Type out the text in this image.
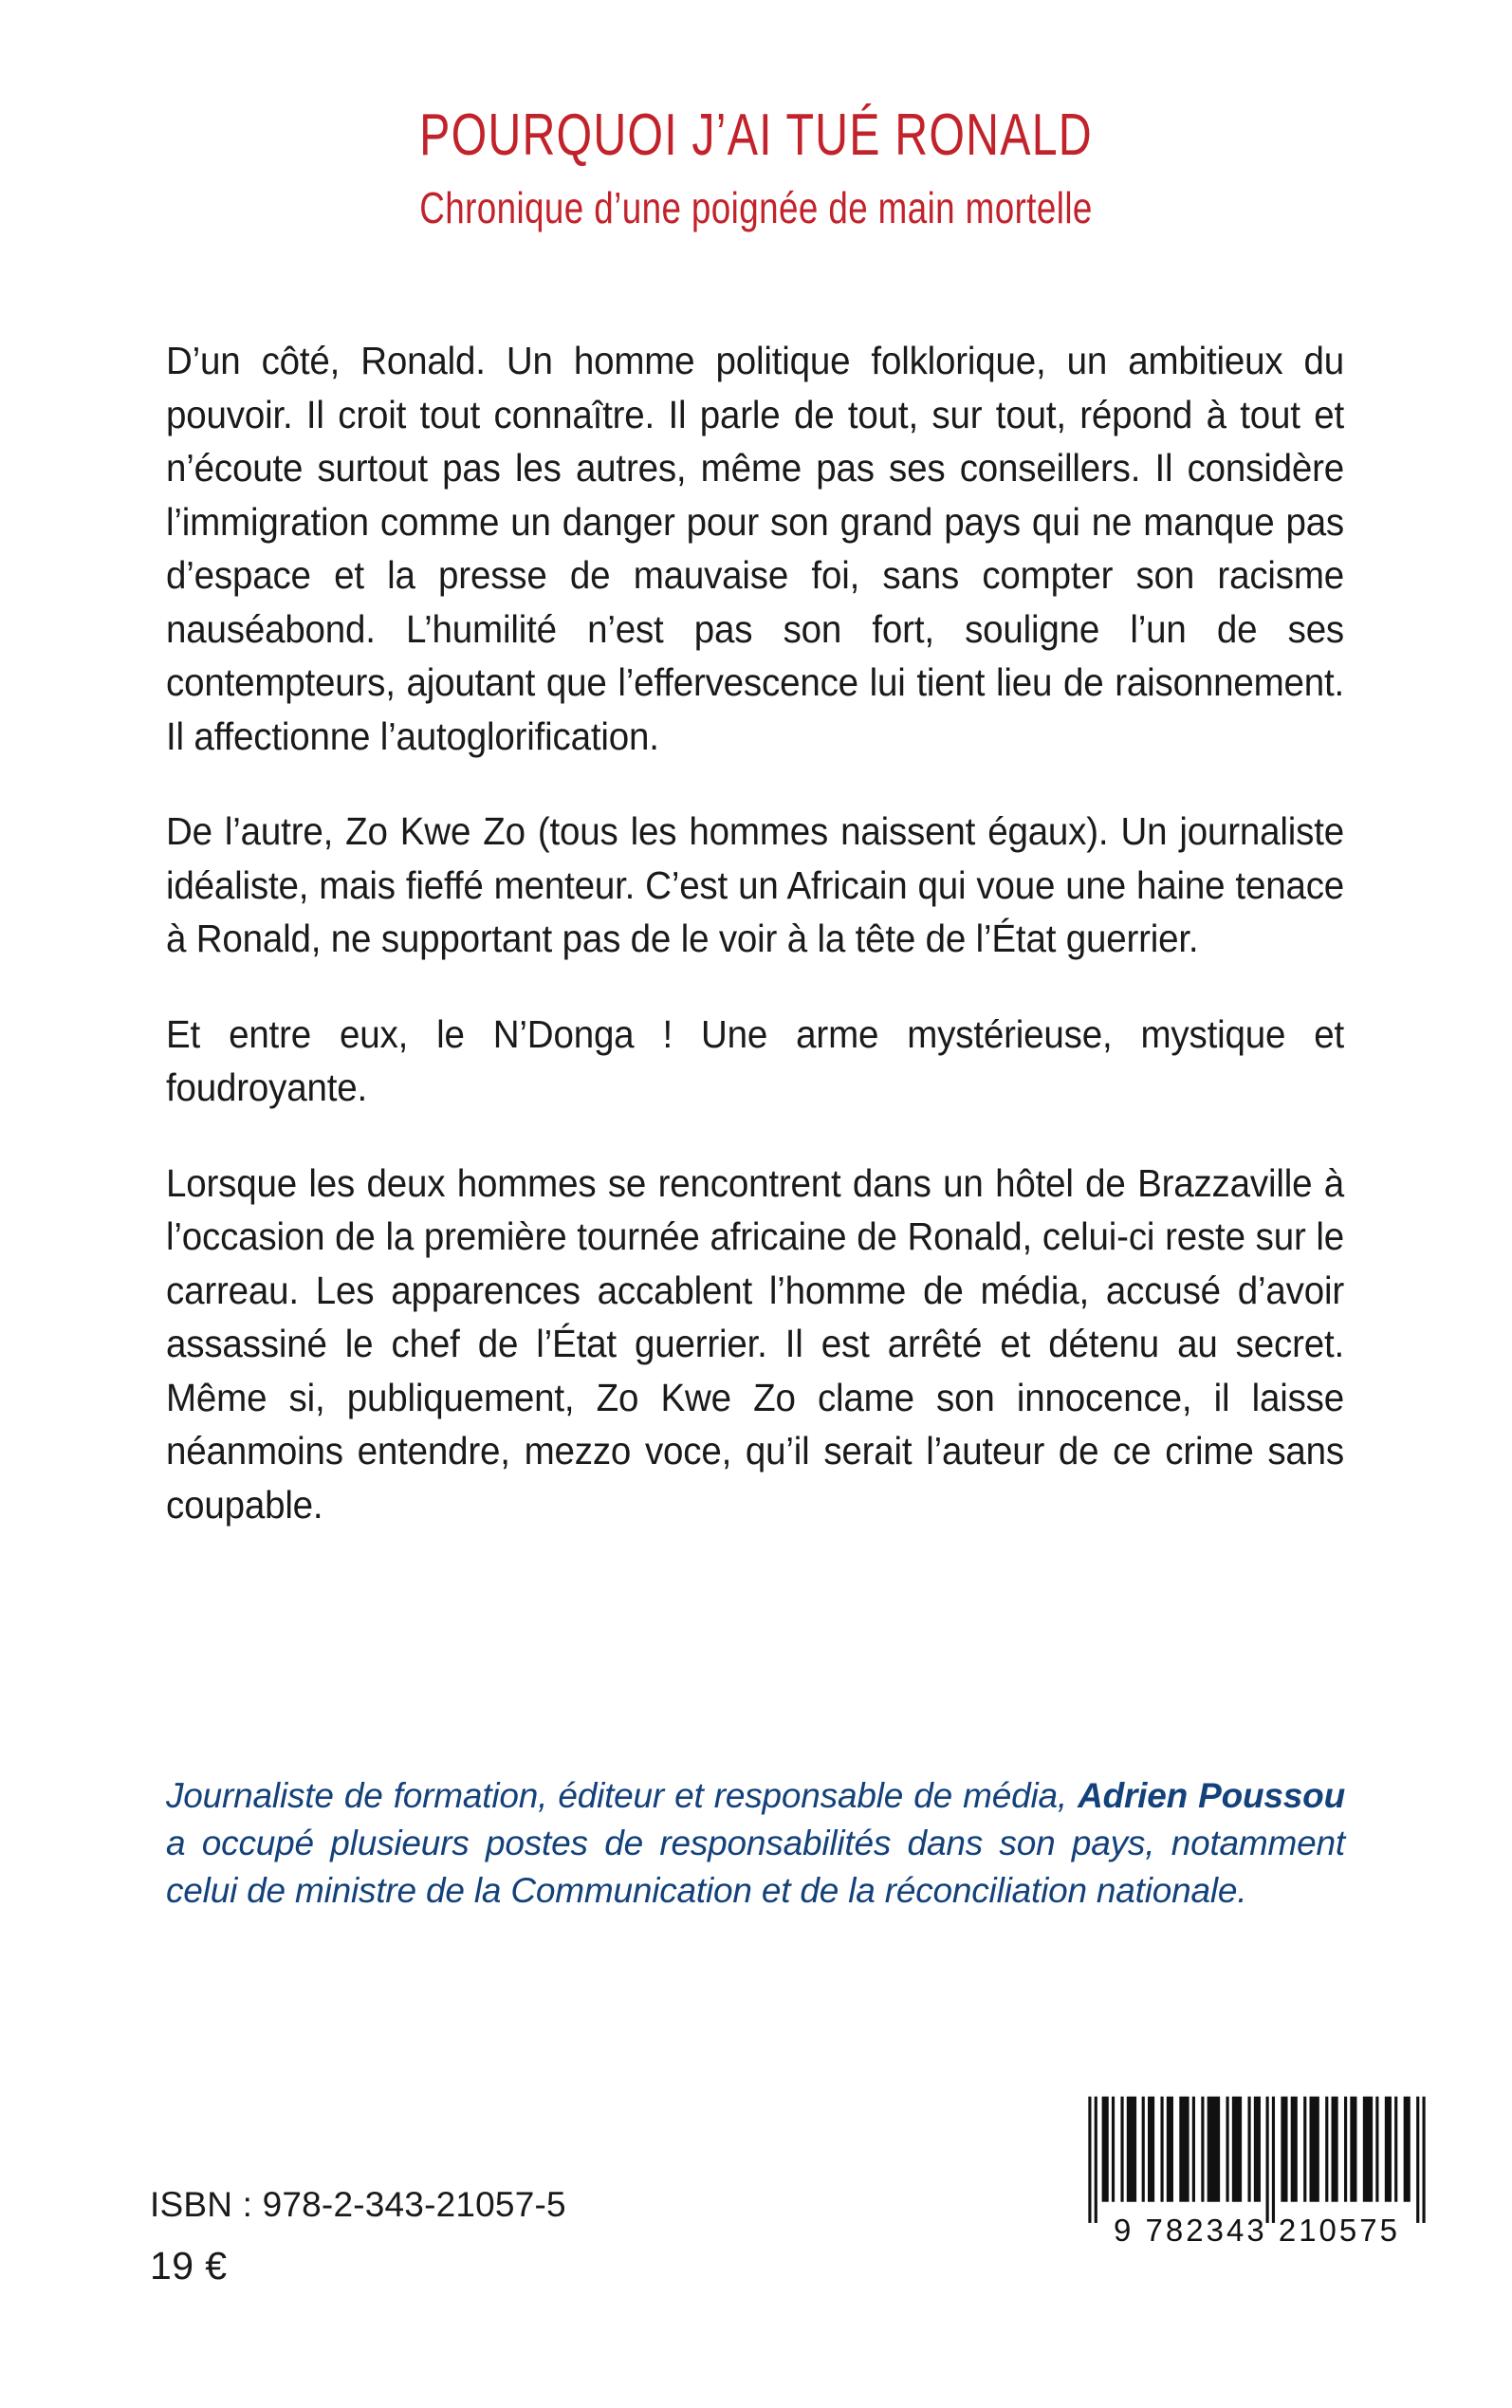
POURQUOI J’AI TUÉ RONALD
Chronique d’une poignée de main mortelle

D’un côté, Ronald. Un homme politique folklorique, un ambitieux du pouvoir. Il croit tout connaître. Il parle de tout, sur tout, répond à tout et n’écoute surtout pas les autres, même pas ses conseillers. Il considère l’immigration comme un danger pour son grand pays qui ne manque pas d’espace et la presse de mauvaise foi, sans compter son racisme nauséabond. L’humilité n’est pas son fort, souligne l’un de ses contempteurs, ajoutant que l’effervescence lui tient lieu de raisonnement. Il affectionne l’autoglorification.

De l’autre, Zo Kwe Zo (tous les hommes naissent égaux). Un journaliste idéaliste, mais fieffé menteur. C’est un Africain qui voue une haine tenace à Ronald, ne supportant pas de le voir à la tête de l’État guerrier.

Et entre eux, le N’Donga ! Une arme mystérieuse, mystique et foudroyante.

Lorsque les deux hommes se rencontrent dans un hôtel de Brazzaville à l’occasion de la première tournée africaine de Ronald, celui-ci reste sur le carreau. Les apparences accablent l’homme de média, accusé d’avoir assassiné le chef de l’État guerrier. Il est arrêté et détenu au secret. Même si, publiquement, Zo Kwe Zo clame son innocence, il laisse néanmoins entendre, mezzo voce, qu’il serait l’auteur de ce crime sans coupable.

Journaliste de formation, éditeur et responsable de média, Adrien Poussou a occupé plusieurs postes de responsabilités dans son pays, notamment celui de ministre de la Communication et de la réconciliation nationale.
ISBN : 978-2-343-21057-5
19 €
9 782343 210575
